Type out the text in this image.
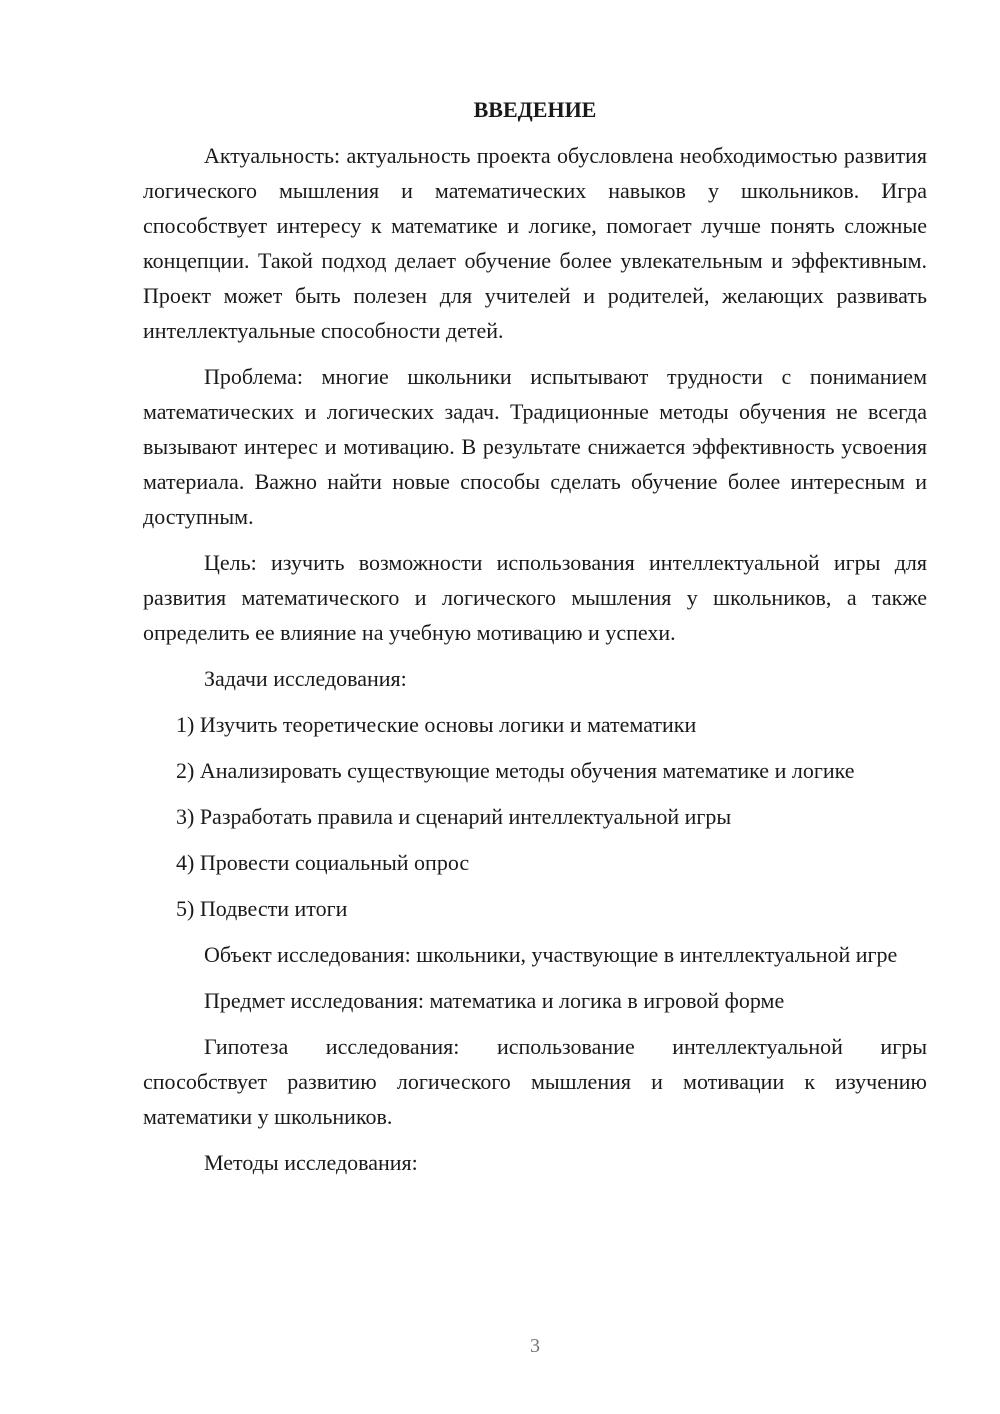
ВВЕДЕНИЕ

Актуальность: актуальность проекта обусловлена необходимостью развития логического мышления и математических навыков у школьников. Игра способствует интересу к математике и логике, помогает лучше понять сложные концепции. Такой подход делает обучение более увлекательным и эффективным. Проект может быть полезен для учителей и родителей, желающих развивать интеллектуальные способности детей.

Проблема: многие школьники испытывают трудности с пониманием математических и логических задач. Традиционные методы обучения не всегда вызывают интерес и мотивацию. В результате снижается эффективность усвоения материала. Важно найти новые способы сделать обучение более интересным и доступным.

Цель: изучить возможности использования интеллектуальной игры для развития математического и логического мышления у школьников, а также определить ее влияние на учебную мотивацию и успехи.

Задачи исследования:

1) Изучить теоретические основы логики и математики

2) Анализировать существующие методы обучения математике и логике

3) Разработать правила и сценарий интеллектуальной игры

4) Провести социальный опрос

5) Подвести итоги

Объект исследования: школьники, участвующие в интеллектуальной игре

Предмет исследования: математика и логика в игровой форме

Гипотеза исследования: использование интеллектуальной игры способствует развитию логического мышления и мотивации к изучению математики у школьников.

Методы исследования:

3
